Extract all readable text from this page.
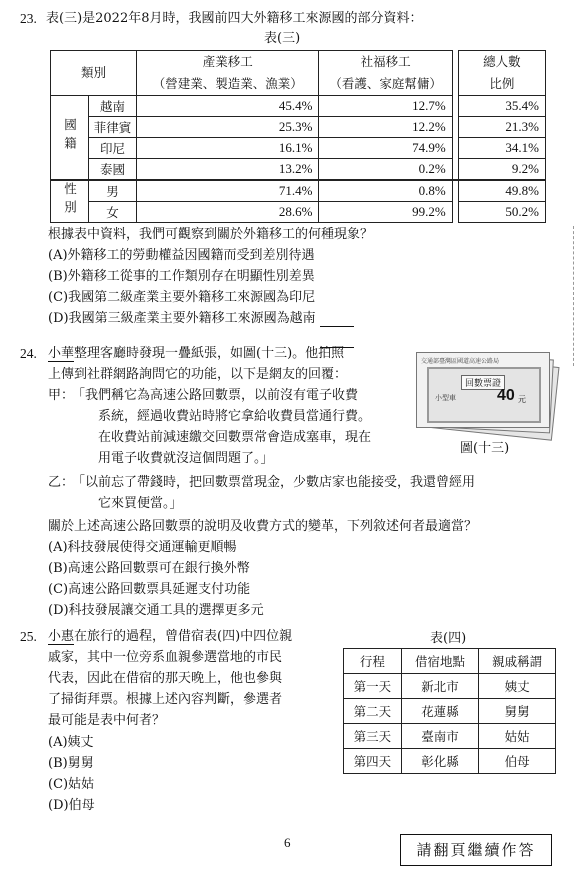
23. 表(三)是2022年8月時，我國前四大外籍移工來源國的部分資料：
表(三)
類別		產業移工	社福移工		總人數
		（營建業、製造業、漁業）	（看護、家庭幫傭）		比例
國籍	越南	45.4%	12.7%		35.4%
	菲律賓	25.3%	12.2%		21.3%
	印尼	16.1%	74.9%		34.1%
	泰國	13.2%	0.2%		9.2%
性別	男	71.4%	0.8%		49.8%
	女	28.6%	99.2%		50.2%
根據表中資料，我們可觀察到關於外籍移工的何種現象？
(A)外籍移工的勞動權益因國籍而受到差別待遇
(B)外籍移工從事的工作類別存在明顯性別差異
(C)我國第二級產業主要外籍移工來源國為印尼
(D)我國第三級產業主要外籍移工來源國為越南
24. 小華整理客廳時發現一疊紙張，如圖(十三)。他拍照
上傳到社群網路詢問它的功能，以下是網友的回覆：
甲：
「我們稱它為高速公路回數票，以前沒有電子收費
系統，經過收費站時將它拿給收費員當通行費。
在收費站前減速繳交回數票常會造成塞車，現在
用電子收費就沒這個問題了。」
乙：
「以前忘了帶錢時，把回數票當現金，少數店家也能接受，我還曾經用
它來買便當。」
關於上述高速公路回數票的說明及收費方式的變革，下列敘述何者最適當？
(A)科技發展使得交通運輸更順暢
(B)高速公路回數票可在銀行換外幣
(C)高速公路回數票具延遲支付功能
(D)科技發展讓交通工具的選擇更多元
交通部臺灣區國道高速公路局
回數票證
小型車	40 元
圖(十三)
25. 小惠在旅行的過程，曾借宿表(四)中四位親
戚家，其中一位旁系血親參選當地的市民
代表，因此在借宿的那天晚上，他也參與
了掃街拜票。根據上述內容判斷，參選者
最可能是表中何者？
(A)姨丈
(B)舅舅
(C)姑姑
(D)伯母
表(四)
行程	借宿地點	親戚稱謂
第一天	新北市	姨丈
第二天	花蓮縣	舅舅
第三天	臺南市	姑姑
第四天	彰化縣	伯母
6	請翻頁繼續作答
